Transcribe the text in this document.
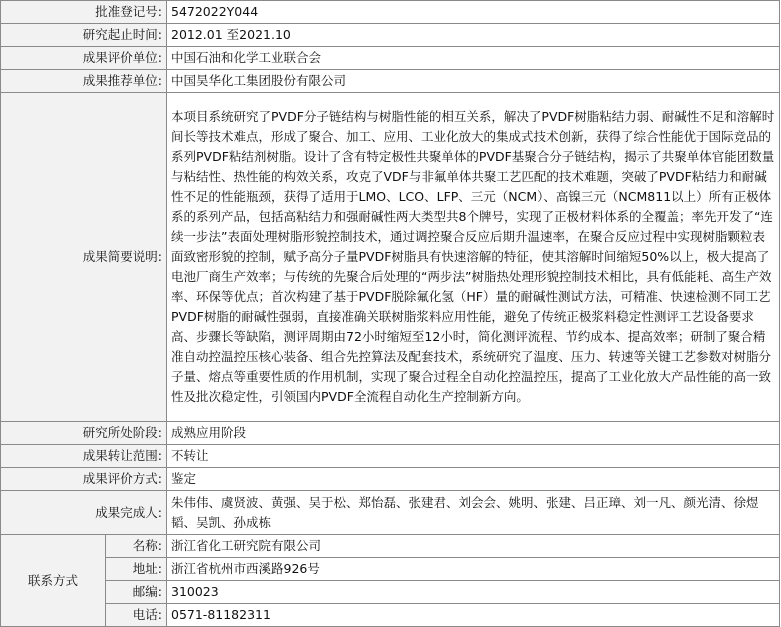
批准登记号:		5472022Y044
研究起止时间:		2012.01 至2021.10
成果评价单位:		中国石油和化学工业联合会
成果推荐单位:		中国昊华化工集团股份有限公司
成果简要说明:		本项目系统研究了PVDF分子链结构与树脂性能的相互关系，解决了PVDF树脂粘结力弱、耐碱性不足和溶解时间长等技术难点，形成了聚合、加工、应用、工业化放大的集成式技术创新，获得了综合性能优于国际竞品的系列PVDF粘结剂树脂。设计了含有特定极性共聚单体的PVDF基聚合分子链结构，揭示了共聚单体官能团数量与粘结性、热性能的构效关系，攻克了VDF与非氟单体共聚工艺匹配的技术难题，突破了PVDF粘结力和耐碱性不足的性能瓶颈，获得了适用于LMO、LCO、LFP、三元（NCM）、高镍三元（NCM811以上）所有正极体系的系列产品，包括高粘结力和强耐碱性两大类型共8个牌号，实现了正极材料体系的全覆盖；率先开发了“连续一步法”表面处理树脂形貌控制技术，通过调控聚合反应后期升温速率，在聚合反应过程中实现树脂颗粒表面致密形貌的控制，赋予高分子量PVDF树脂具有快速溶解的特征，使其溶解时间缩短50%以上，极大提高了电池厂商生产效率；与传统的先聚合后处理的“两步法”树脂热处理形貌控制技术相比，具有低能耗、高生产效率、环保等优点；首次构建了基于PVDF脱除氟化氢（HF）量的耐碱性测试方法，可精准、快速检测不同工艺PVDF树脂的耐碱性强弱，直接准确关联树脂浆料应用性能，避免了传统正极浆料稳定性测评工艺设备要求高、步骤长等缺陷，测评周期由72小时缩短至12小时，简化测评流程、节约成本、提高效率；研制了聚合精准自动控温控压核心装备、组合先控算法及配套技术，系统研究了温度、压力、转速等关键工艺参数对树脂分子量、熔点等重要性质的作用机制，实现了聚合过程全自动化控温控压，提高了工业化放大产品性能的高一致性及批次稳定性，引领国内PVDF全流程自动化生产控制新方向。
研究所处阶段:		成熟应用阶段
成果转让范围:		不转让
成果评价方式:		鉴定
成果完成人:		朱伟伟、虞贤波、黄强、吴于松、郑怡磊、张建君、刘会会、姚明、张建、吕正璋、刘一凡、颜光清、徐煜韬、吴凯、孙成栋
联系方式	名称:	浙江省化工研究院有限公司
	地址:	浙江省杭州市西溪路926号
	邮编:	310023
	电话:	0571-81182311
